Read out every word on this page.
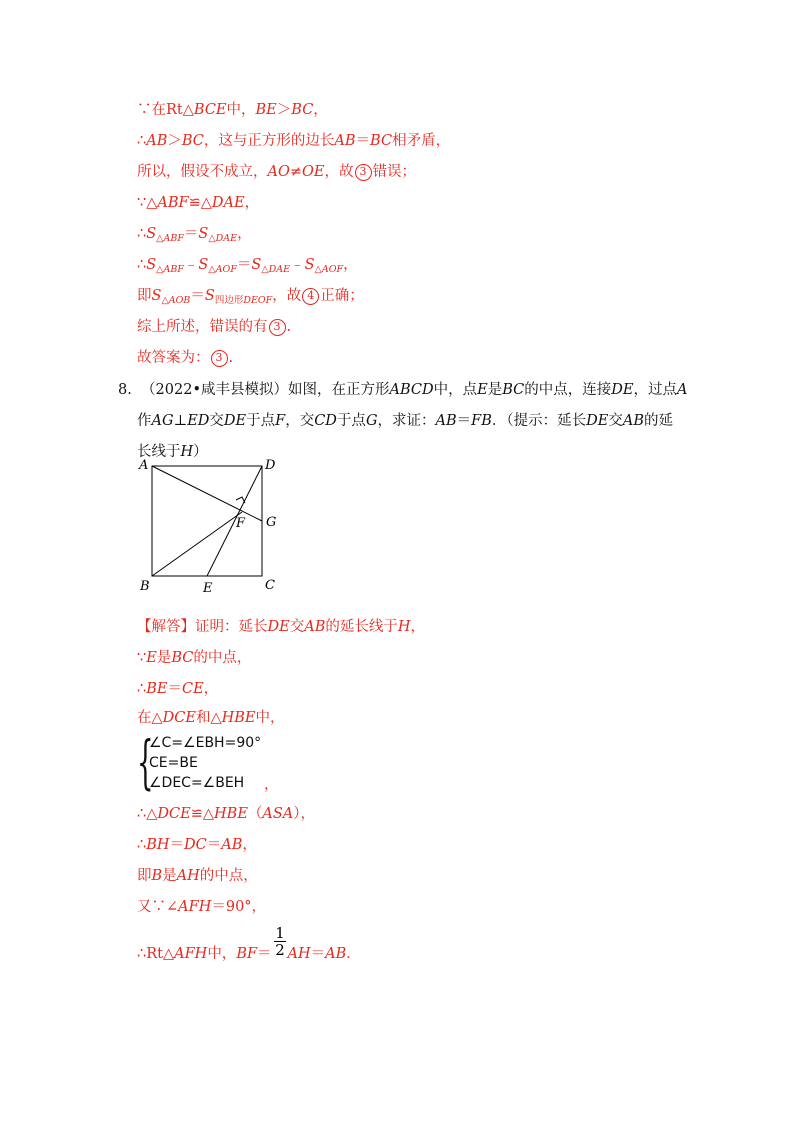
∵在Rt△BCE中，BE＞BC，
∴AB＞BC，这与正方形的边长AB＝BC相矛盾，
所以，假设不成立，AO≠OE，故 3 错误；
∵△ABF≌△DAE，
$\therefore S_{\triangle ABF}=S_{\triangle DAE}$，
$\therefore S_{\triangle ABF}﹣S_{\triangle AOF}=S_{\triangle DAE}﹣S_{\triangle AOF}$，
即$S_{\triangle AOB}=S_{四边形DEOF}$，故 4 正确；
综上所述，错误的有 3 .
故答案为： 3 .
8.  （2022•咸丰县模拟）如图，在正方形ABCD中，点E是BC的中点，连接DE，过点A
作AG⊥ED交DE于点F，交CD于点G，求证：AB＝FB．（提示：延长DE交AB的延
长线于H）
A	D
G
F
B	E	C
【解答】证明：延长DE交AB的延长线于H，
∵E是BC的中点，
∴BE＝CE，
在△DCE和△HBE中，
{
∠C=∠EBH=90°
CE=BE
∠DEC=∠BEH ，
∴△DCE≌△HBE（ASA），
∴BH＝DC＝AB，
即B是AH的中点，
又∵∠AFH＝90°，
∴Rt△AFH中，BF＝ AH＝AB．
1
2
